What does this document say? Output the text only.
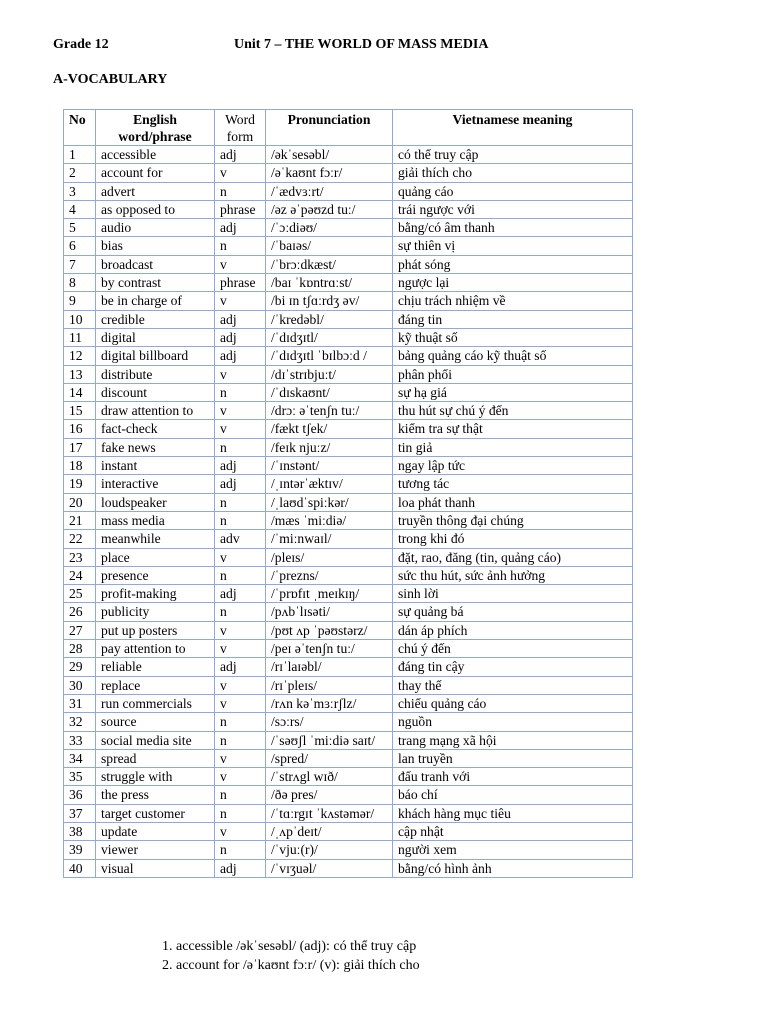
Grade 12	Unit 7 – THE WORLD OF MASS MEDIA
A-VOCABULARY
No	English word/phrase	Word form	Pronunciation	Vietnamese meaning
1	accessible	adj	/əkˈsesəbl/	có thể truy cập
2	account for	v	/əˈkaʊnt fɔːr/	giải thích cho
3	advert	n	/ˈædvɜːrt/	quảng cáo
4	as opposed to	phrase	/əz əˈpəʊzd tuː/	trái ngược với
5	audio	adj	/ˈɔːdiəʊ/	bằng/có âm thanh
6	bias	n	/ˈbaɪəs/	sự thiên vị
7	broadcast	v	/ˈbrɔːdkæst/	phát sóng
8	by contrast	phrase	/baɪ ˈkɒntrɑːst/	ngược lại
9	be in charge of	v	/bi ɪn tʃɑːrdʒ əv/	chịu trách nhiệm về
10	credible	adj	/ˈkredəbl/	đáng tin
11	digital	adj	/ˈdɪdʒɪtl/	kỹ thuật số
12	digital billboard	adj	/ˈdɪdʒɪtl ˈbɪlbɔːd /	bảng quảng cáo kỹ thuật số
13	distribute	v	/dɪˈstrɪbjuːt/	phân phối
14	discount	n	/ˈdɪskaʊnt/	sự hạ giá
15	draw attention to	v	/drɔː əˈtenʃn tuː/	thu hút sự chú ý đến
16	fact-check	v	/fækt tʃek/	kiểm tra sự thật
17	fake news	n	/feɪk njuːz/	tin giả
18	instant	adj	/ˈɪnstənt/	ngay lập tức
19	interactive	adj	/ˌɪntərˈæktɪv/	tương tác
20	loudspeaker	n	/ˌlaʊdˈspiːkər/	loa phát thanh
21	mass media	n	/mæs ˈmiːdiə/	truyền thông đại chúng
22	meanwhile	adv	/ˈmiːnwaɪl/	trong khi đó
23	place	v	/pleɪs/	đặt, rao, đăng (tin, quảng cáo)
24	presence	n	/ˈprezns/	sức thu hút, sức ảnh hưởng
25	profit-making	adj	/ˈprɒfɪt ˌmeɪkɪŋ/	sinh lời
26	publicity	n	/pʌbˈlɪsəti/	sự quảng bá
27	put up posters	v	/pʊt ʌp ˈpəʊstərz/	dán áp phích
28	pay attention to	v	/peɪ əˈtenʃn tuː/	chú ý đến
29	reliable	adj	/rɪˈlaɪəbl/	đáng tin cậy
30	replace	v	/rɪˈpleɪs/	thay thế
31	run commercials	v	/rʌn kəˈmɜːrʃlz/	chiếu quảng cáo
32	source	n	/sɔːrs/	nguồn
33	social media site	n	/ˈsəʊʃl ˈmiːdiə saɪt/	trang mạng xã hội
34	spread	v	/spred/	lan truyền
35	struggle with	v	/ˈstrʌgl wɪð/	đấu tranh với
36	the press	n	/ðə pres/	báo chí
37	target customer	n	/ˈtɑːrgɪt ˈkʌstəmər/	khách hàng mục tiêu
38	update	v	/ˌʌpˈdeɪt/	cập nhật
39	viewer	n	/ˈvjuː(r)/	người xem
40	visual	adj	/ˈvɪʒuəl/	bằng/có hình ảnh
1. accessible /əkˈsesəbl/ (adj): có thể truy cập
2. account for /əˈkaʊnt fɔːr/ (v): giải thích cho
